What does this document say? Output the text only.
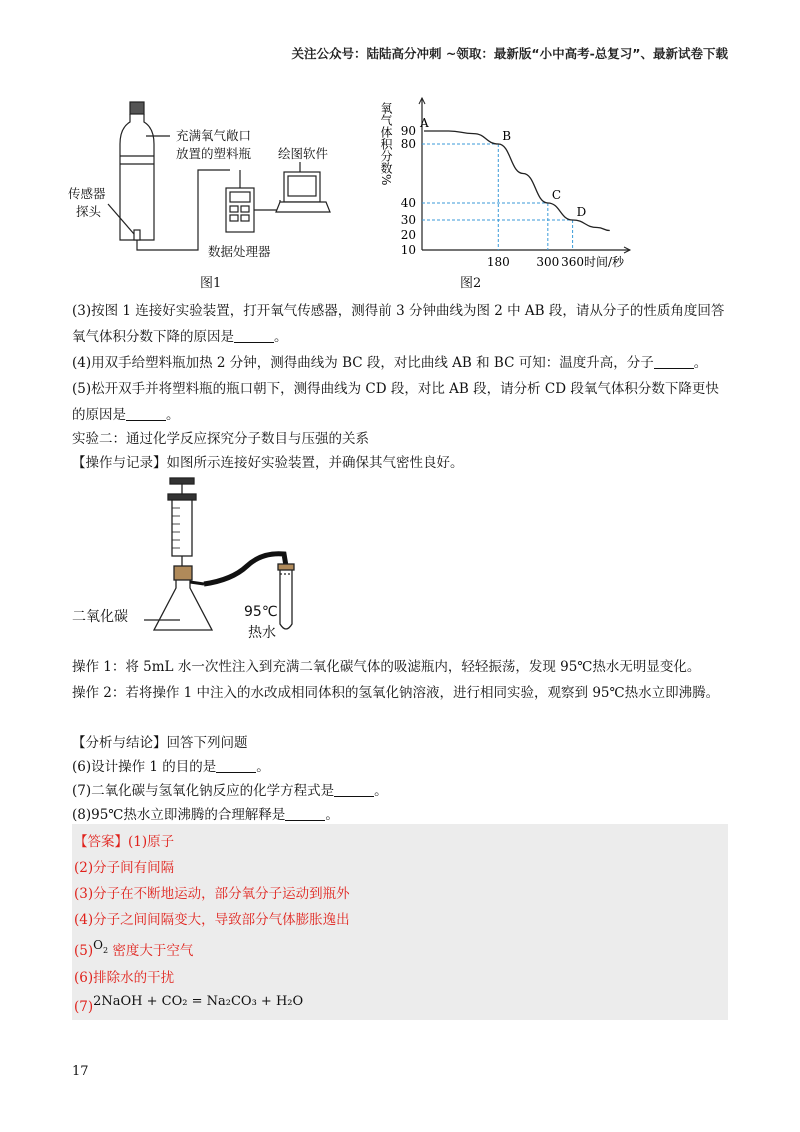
关注公众号：陆陆高分冲刺 ~领取：最新版“小中高考-总复习”、最新试卷下载
充满氧气敞口
放置的塑料瓶
传感器
探头
绘图软件
数据处理器
图1
氧气体积分数%
10
20
30
40
80
90
180 300 360 时间/秒
A
B
C
D
图2
(3)按图 1 连接好实验装置，打开氧气传感器，测得前 3 分钟曲线为图 2 中 AB 段，请从分子的性质角度回答氧气体积分数下降的原因是	。
(4)用双手给塑料瓶加热 2 分钟，测得曲线为 BC 段，对比曲线 AB 和 BC 可知：温度升高，分子	。
(5)松开双手并将塑料瓶的瓶口朝下，测得曲线为 CD 段，对比 AB 段，请分析 CD 段氧气体积分数下降更快的原因是	。
实验二：通过化学反应探究分子数目与压强的关系
【操作与记录】如图所示连接好实验装置，并确保其气密性良好。
二氧化碳	95℃
热水
操作 1：将 5mL 水一次性注入到充满二氧化碳气体的吸滤瓶内，轻轻振荡，发现 95℃热水无明显变化。
操作 2：若将操作 1 中注入的水改成相同体积的氢氧化钠溶液，进行相同实验，观察到 95℃热水立即沸腾。
【分析与结论】回答下列问题
(6)设计操作 1 的目的是	。
(7)二氧化碳与氢氧化钠反应的化学方程式是	。
(8)95℃热水立即沸腾的合理解释是	。
【答案】(1)原子
(2)分子间有间隔
(3)分子在不断地运动，部分氧分子运动到瓶外
(4)分子之间间隔变大，导致部分气体膨胀逸出
(5)O2 密度大于空气
(6)排除水的干扰
(7)2NaOH + CO₂ = Na₂CO₃ + H₂O
17
